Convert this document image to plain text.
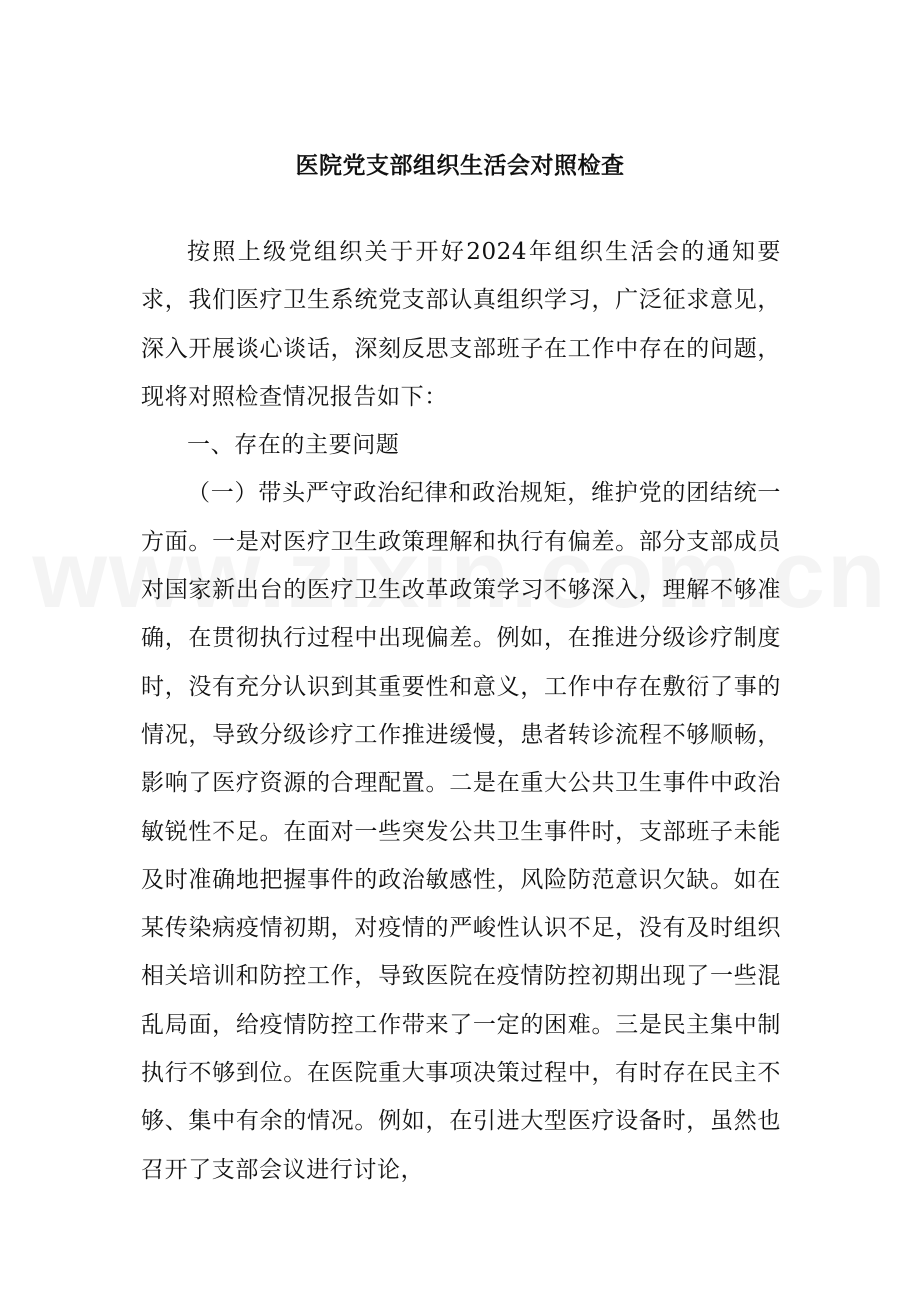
医院党支部组织生活会对照检查

按照上级党组织关于开好2024年组织生活会的通知要求，我们医疗卫生系统党支部认真组织学习，广泛征求意见，深入开展谈心谈话，深刻反思支部班子在工作中存在的问题，现将对照检查情况报告如下：

一、存在的主要问题

（一）带头严守政治纪律和政治规矩，维护党的团结统一方面。一是对医疗卫生政策理解和执行有偏差。部分支部成员对国家新出台的医疗卫生改革政策学习不够深入，理解不够准确，在贯彻执行过程中出现偏差。例如，在推进分级诊疗制度时，没有充分认识到其重要性和意义，工作中存在敷衍了事的情况，导致分级诊疗工作推进缓慢，患者转诊流程不够顺畅，影响了医疗资源的合理配置。二是在重大公共卫生事件中政治敏锐性不足。在面对一些突发公共卫生事件时，支部班子未能及时准确地把握事件的政治敏感性，风险防范意识欠缺。如在某传染病疫情初期，对疫情的严峻性认识不足，没有及时组织相关培训和防控工作，导致医院在疫情防控初期出现了一些混乱局面，给疫情防控工作带来了一定的困难。三是民主集中制执行不够到位。在医院重大事项决策过程中，有时存在民主不够、集中有余的情况。例如，在引进大型医疗设备时，虽然也召开了支部会议进行讨论，
